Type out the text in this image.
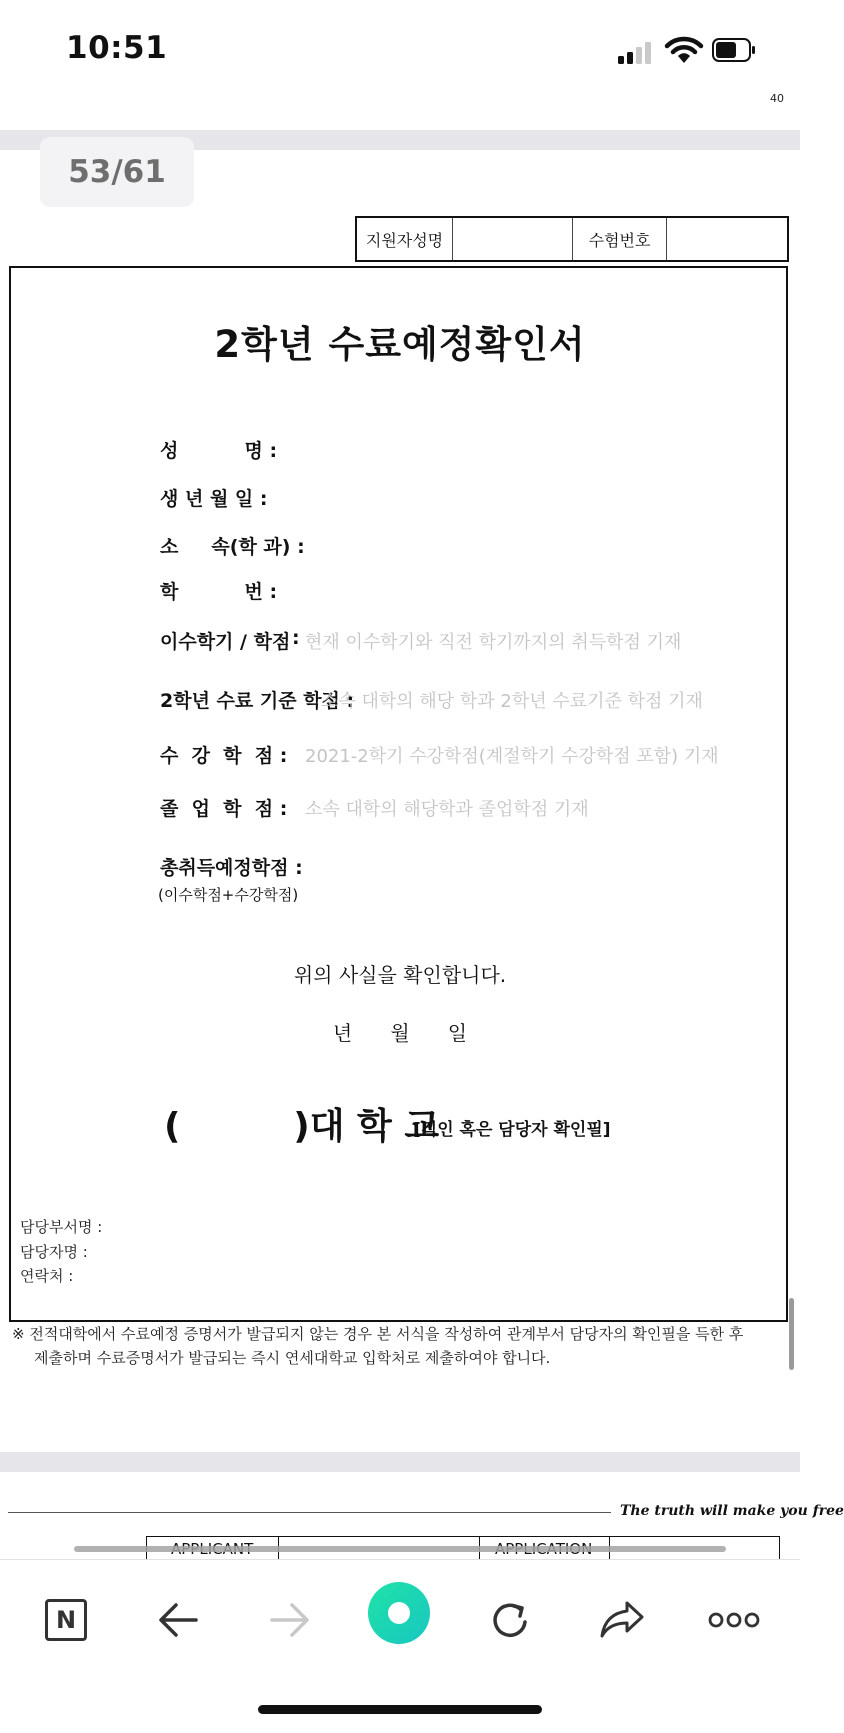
10:51
40
53/61
지원자성명	수험번호
2학년 수료예정확인서
성          명 :
생 년 월 일 :
소     속(학 과) :
학          번 :
이수학기 / 학점 : 현재 이수학기와 직전 학기까지의 취득학점 기재
2학년 수료 기준 학점 :
소속 대학의 해당 학과 2학년 수료기준 학점 기재
수  강  학  점 : 2021-2학기 수강학점(계절학기 수강학점 포함) 기재
졸  업  학  점 : 소속 대학의 해당학과 졸업학점 기재
총취득예정학점 :
(이수학점+수강학점)
위의 사실을 확인합니다.
년      월      일
(         )대 학 교
[직인 혹은 담당자 확인필]
담당부서명 :
담당자명 :
연락처 :
※ 전적대학에서 수료예정 증명서가 발급되지 않는 경우 본 서식을 작성하여 관계부서 담당자의 확인필을 득한 후
제출하며 수료증명서가 발급되는 즉시 연세대학교 입학처로 제출하여야 합니다.
The truth will make you free
N
